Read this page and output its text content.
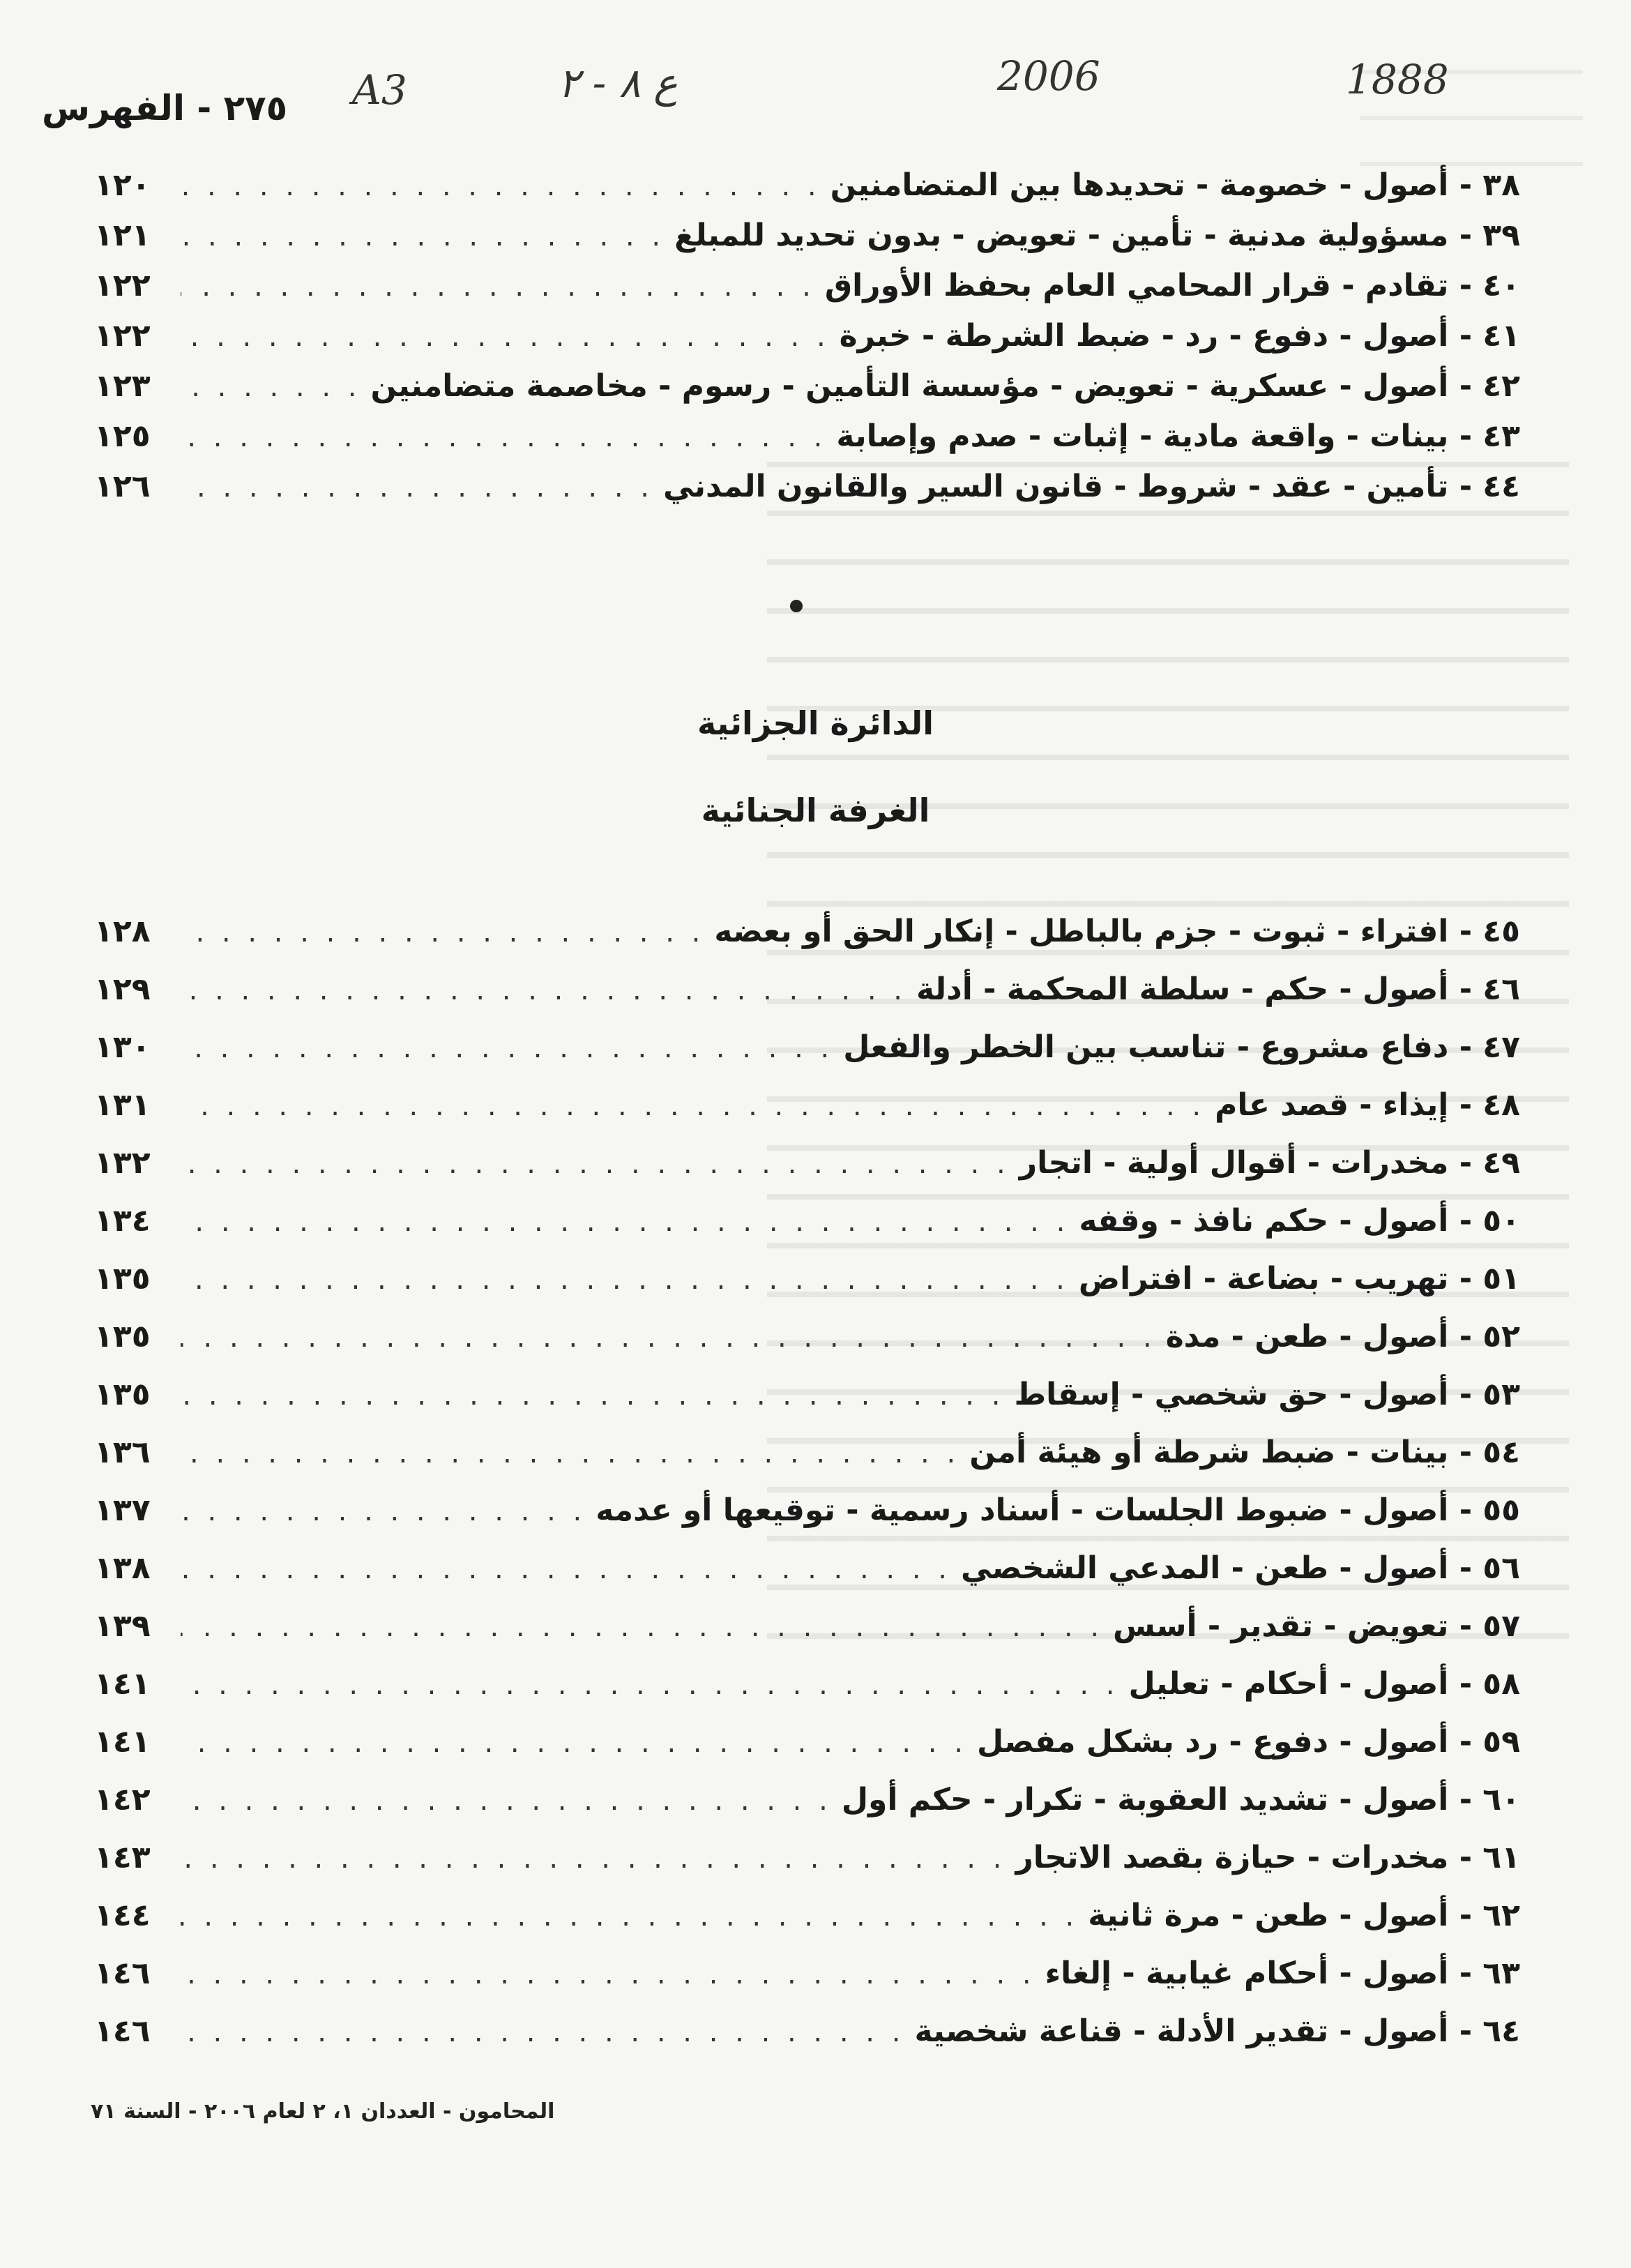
1888
2006
ع ٨ - ٢
A3
٢٧٥ - الفهرس
٣٨ - أصول - خصومة - تحديدها بين المتضامنين
. . .
١٢٠
٣٩ - مسؤولية مدنية - تأمين - تعويض - بدون تحديد للمبلغ
. . .
١٢١
٤٠ - تقادم - قرار المحامي العام بحفظ الأوراق
. . .
١٢٢
٤١ - أصول - دفوع - رد - ضبط الشرطة - خبرة
. . .
١٢٢
٤٢ - أصول - عسكرية - تعويض - مؤسسة التأمين - رسوم - مخاصمة متضامنين
. . .
١٢٣
٤٣ - بينات - واقعة مادية - إثبات - صدم وإصابة
. . .
١٢٥
٤٤ - تأمين - عقد - شروط - قانون السير والقانون المدني
. . .
١٢٦
الدائرة الجزائية
الغرفة الجنائية
٤٥ - افتراء - ثبوت - جزم بالباطل - إنكار الحق أو بعضه
. . .
١٢٨
٤٦ - أصول - حكم - سلطة المحكمة - أدلة
. . .
١٢٩
٤٧ - دفاع مشروع - تناسب بين الخطر والفعل
. . .
١٣٠
٤٨ - إيذاء - قصد عام
. . .
١٣١
٤٩ - مخدرات - أقوال أولية - اتجار
. . .
١٣٢
٥٠ - أصول - حكم نافذ - وقفه
. . .
١٣٤
٥١ - تهريب - بضاعة - افتراض
. . .
١٣٥
٥٢ - أصول - طعن - مدة
. . .
١٣٥
٥٣ - أصول - حق شخصي - إسقاط
. . .
١٣٥
٥٤ - بينات - ضبط شرطة أو هيئة أمن
. . .
١٣٦
٥٥ - أصول - ضبوط الجلسات - أسناد رسمية - توقيعها أو عدمه
. . .
١٣٧
٥٦ - أصول - طعن - المدعي الشخصي
. . .
١٣٨
٥٧ - تعويض - تقدير - أسس
. . .
١٣٩
٥٨ - أصول - أحكام - تعليل
. . .
١٤١
٥٩ - أصول - دفوع - رد بشكل مفصل
. . .
١٤١
٦٠ - أصول - تشديد العقوبة - تكرار - حكم أول
. . .
١٤٢
٦١ - مخدرات - حيازة بقصد الاتجار
. . .
١٤٣
٦٢ - أصول - طعن - مرة ثانية
. . .
١٤٤
٦٣ - أصول - أحكام غيابية - إلغاء
. . .
١٤٦
٦٤ - أصول - تقدير الأدلة - قناعة شخصية
. . .
١٤٦
المحامون - العددان ١، ٢ لعام ٢٠٠٦ - السنة ٧١
